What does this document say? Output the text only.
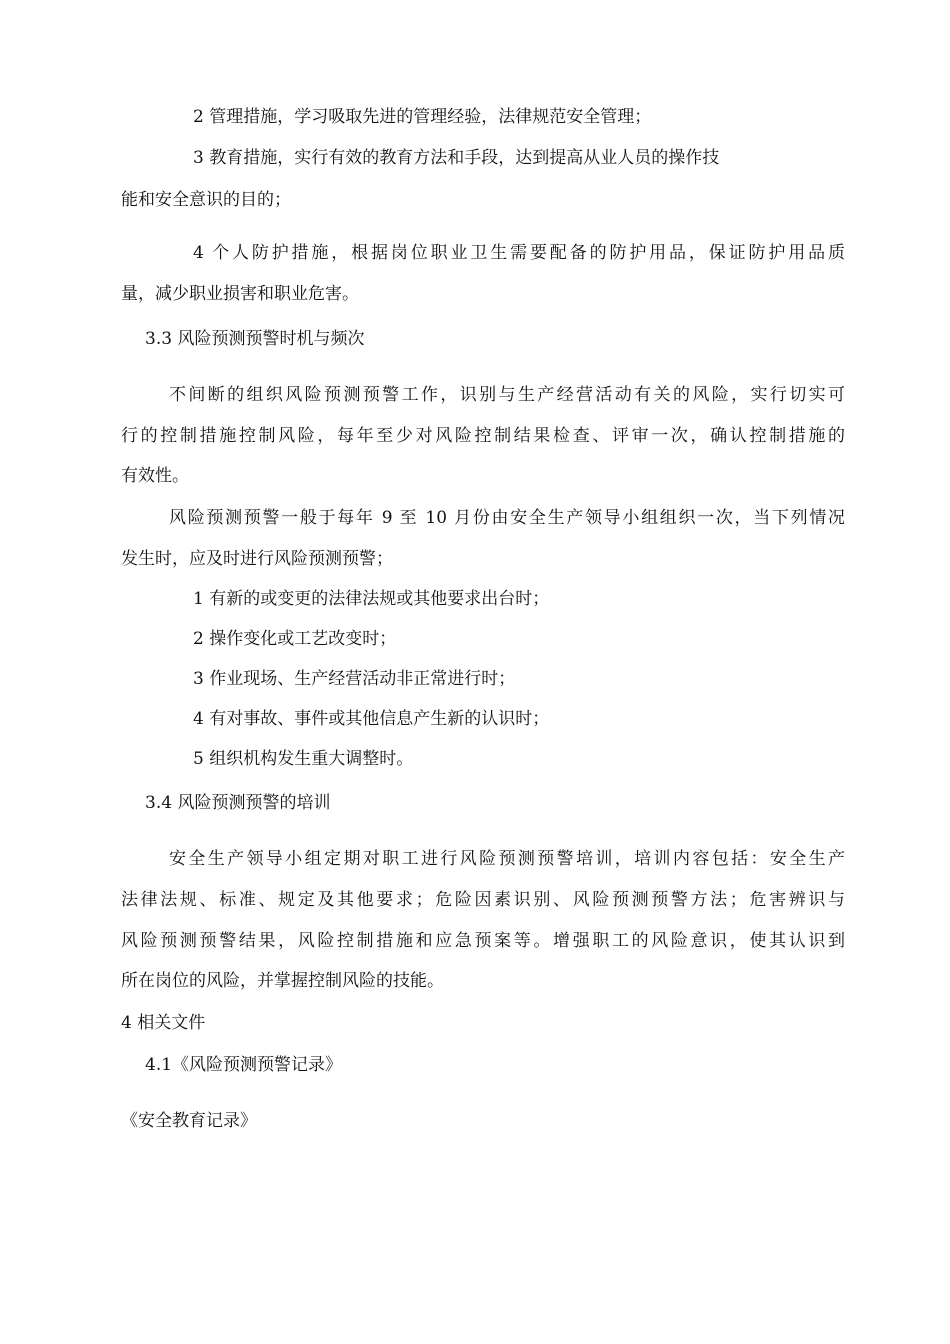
2 管理措施，学习吸取先进的管理经验，法律规范安全管理；

3 教育措施，实行有效的教育方法和手段，达到提高从业人员的操作技

能和安全意识的目的；

4 个人防护措施，根据岗位职业卫生需要配备的防护用品，保证防护用品质

量，减少职业损害和职业危害。

3.3 风险预测预警时机与频次

不间断的组织风险预测预警工作，识别与生产经营活动有关的风险，实行切实可

行的控制措施控制风险，每年至少对风险控制结果检查、评审一次，确认控制措施的

有效性。

风险预测预警一般于每年 9 至 10 月份由安全生产领导小组组织一次，当下列情况

发生时，应及时进行风险预测预警；

1 有新的或变更的法律法规或其他要求出台时；

2 操作变化或工艺改变时；

3 作业现场、生产经营活动非正常进行时；

4 有对事故、事件或其他信息产生新的认识时；

5 组织机构发生重大调整时。

3.4 风险预测预警的培训

安全生产领导小组定期对职工进行风险预测预警培训，培训内容包括：安全生产

法律法规、标准、规定及其他要求；危险因素识别、风险预测预警方法；危害辨识与

风险预测预警结果，风险控制措施和应急预案等。增强职工的风险意识，使其认识到

所在岗位的风险，并掌握控制风险的技能。

4 相关文件

4.1《风险预测预警记录》

《安全教育记录》
